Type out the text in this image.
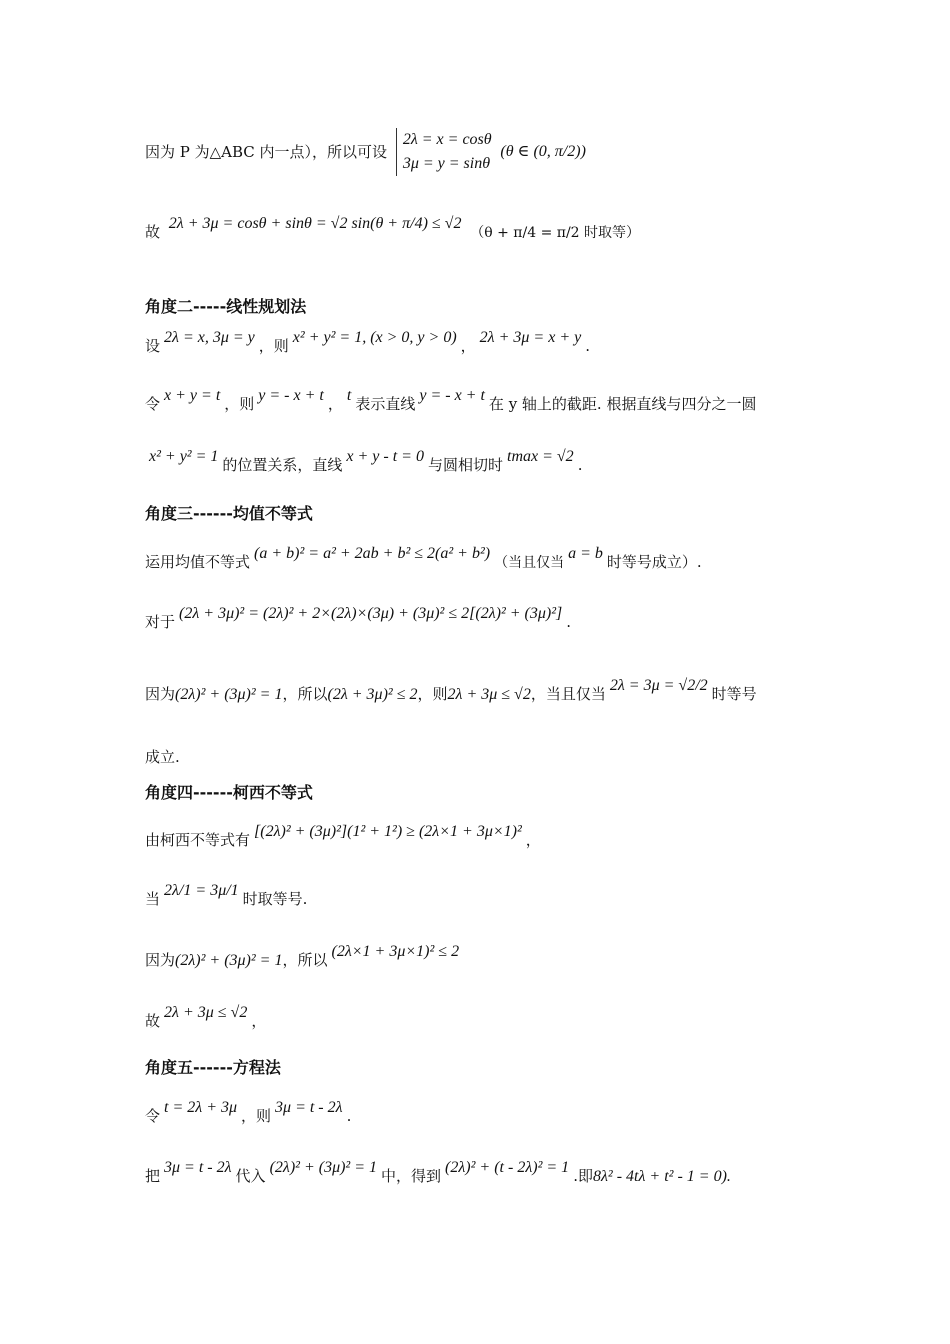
因为 P 为△ABC 内一点），所以可设
2λ = x = cosθ
3μ = y = sinθ
(θ ∈ (0, π/2))
故 2λ + 3μ = cosθ + sinθ = √2 sin(θ + π/4) ≤ √2 （θ + π/4 = π/2 时取等）
角度二-----线性规划法
设 2λ = x, 3μ = y ，则 x² + y² = 1, (x > 0, y > 0) ， 2λ + 3μ = x + y .
令 x + y = t ，则 y = - x + t ， t 表示直线 y = - x + t 在 y 轴上的截距. 根据直线与四分之一圆
x² + y² = 1 的位置关系，直线 x + y - t = 0 与圆相切时 tmax = √2 .
角度三------均值不等式
运用均值不等式 (a + b)² = a² + 2ab + b² ≤ 2(a² + b²)（当且仅当a = b 时等号成立）.
对于 (2λ + 3μ)² = (2λ)² + 2×(2λ)×(3μ) + (3μ)² ≤ 2[(2λ)² + (3μ)²] .
因为(2λ)² + (3μ)² = 1，所以(2λ + 3μ)² ≤ 2，则2λ + 3μ ≤ √2，当且仅当 2λ = 3μ = √2/2 时等号
成立.
角度四------柯西不等式
由柯西不等式有 [(2λ)² + (3μ)²](1² + 1²) ≥ (2λ×1 + 3μ×1)² ，
当 2λ/1 = 3μ/1 时取等号.
因为(2λ)² + (3μ)² = 1，所以 (2λ×1 + 3μ×1)² ≤ 2
故 2λ + 3μ ≤ √2 ，
角度五------方程法
令 t = 2λ + 3μ ，则 3μ = t - 2λ .
把 3μ = t - 2λ 代入 (2λ)² + (3μ)² = 1 中，得到 (2λ)² + (t - 2λ)² = 1 .即8λ² - 4tλ + t² - 1 = 0).
